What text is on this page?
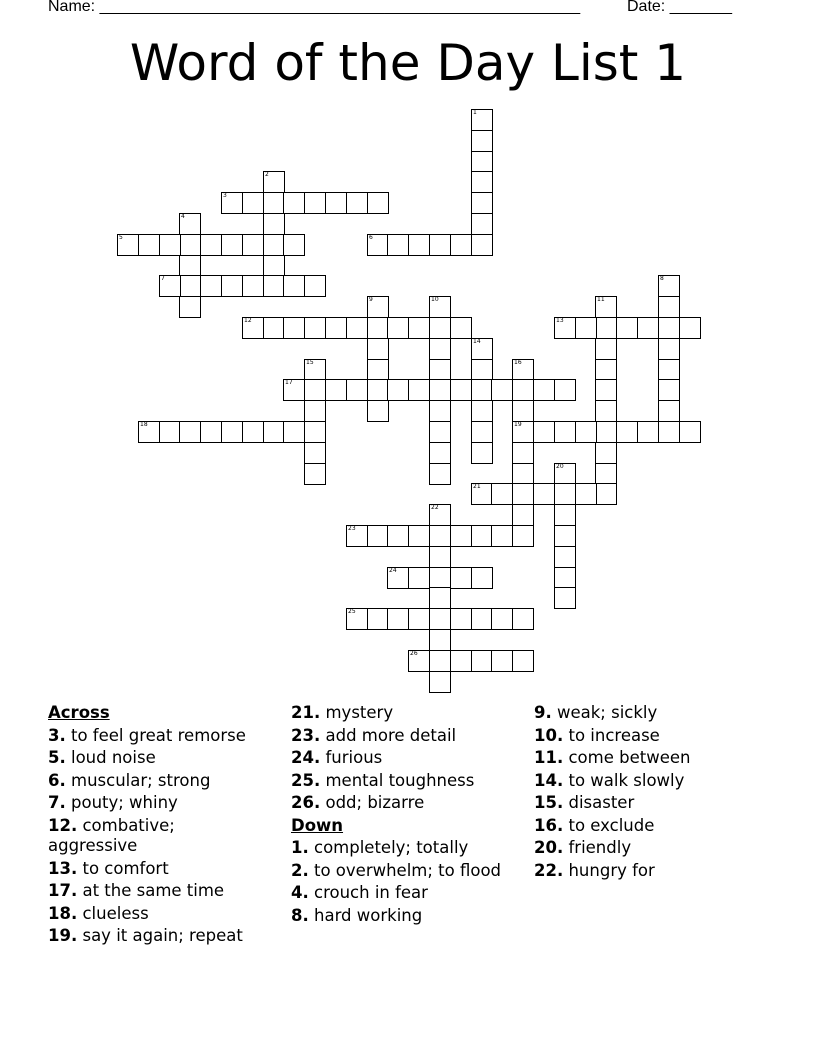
Name: ______________________________________________________	Date: _______
Word of the Day List 1
1
2
3
4
5	6
7	8
9	10	11
12	13
14
15	16
19
17
18
20
21
22
23
24
25
26
Across
3. to feel great remorse
5. loud noise
6. muscular; strong
7. pouty; whiny
12. combative; aggressive
13. to comfort
17. at the same time
18. clueless
19. say it again; repeat
21. mystery
23. add more detail
24. furious
25. mental toughness
26. odd; bizarre
Down
1. completely; totally
2. to overwhelm; to flood
4. crouch in fear
8. hard working
9. weak; sickly
10. to increase
11. come between
14. to walk slowly
15. disaster
16. to exclude
20. friendly
22. hungry for
